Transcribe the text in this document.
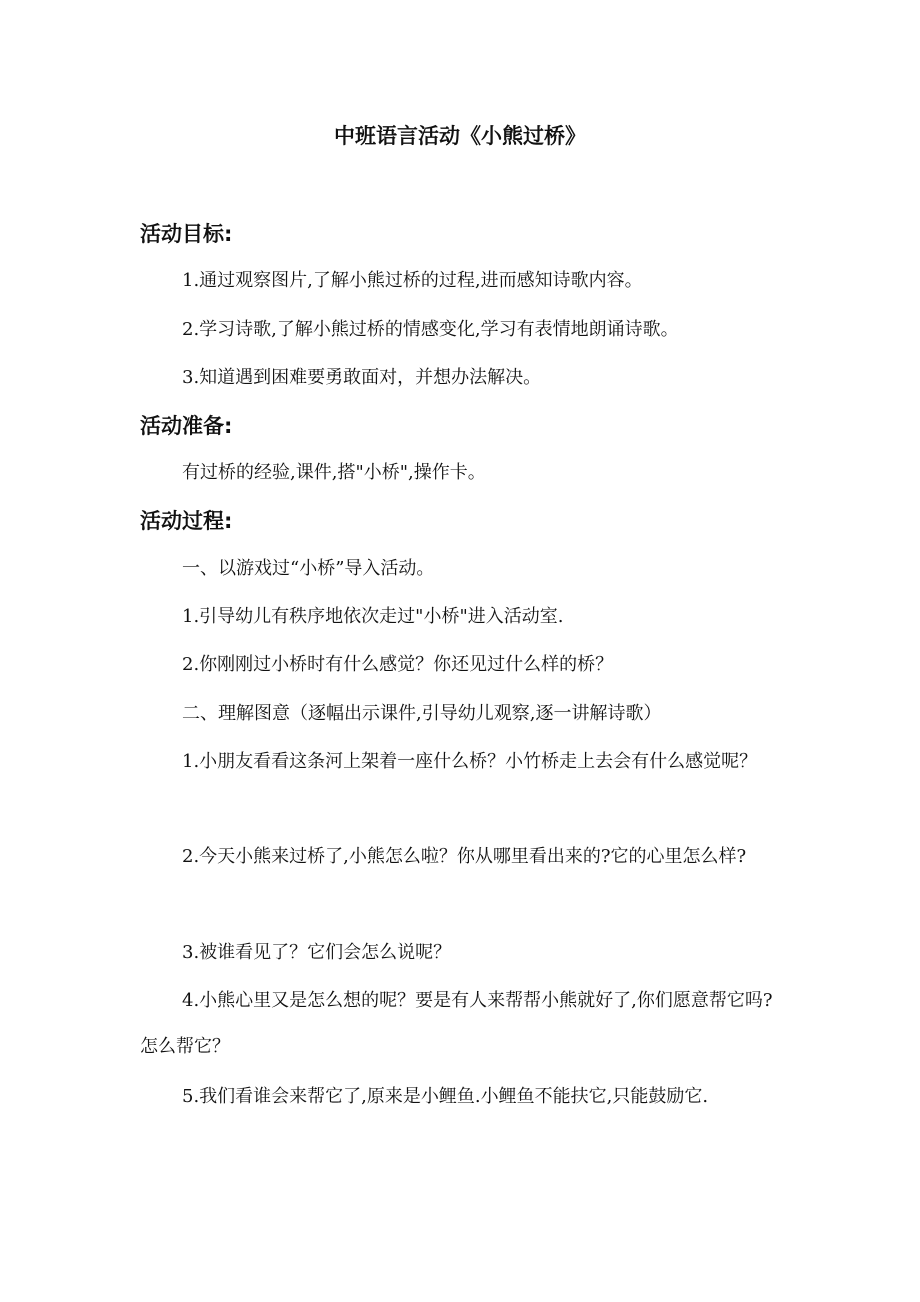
中班语言活动《小熊过桥》
活动目标:
1.通过观察图片,了解小熊过桥的过程,进而感知诗歌内容。
2.学习诗歌,了解小熊过桥的情感变化,学习有表情地朗诵诗歌。
3.知道遇到困难要勇敢面对，并想办法解决。
活动准备:
有过桥的经验,课件,搭"小桥",操作卡。
活动过程:
一、以游戏过“小桥”导入活动。
1.引导幼儿有秩序地依次走过"小桥"进入活动室.
2.你刚刚过小桥时有什么感觉？你还见过什么样的桥？
二、理解图意（逐幅出示课件,引导幼儿观察,逐一讲解诗歌）
1.小朋友看看这条河上架着一座什么桥？小竹桥走上去会有什么感觉呢？
2.今天小熊来过桥了,小熊怎么啦？你从哪里看出来的?它的心里怎么样?
3.被谁看见了？它们会怎么说呢？
4.小熊心里又是怎么想的呢？要是有人来帮帮小熊就好了,你们愿意帮它吗?怎么帮它？
5.我们看谁会来帮它了,原来是小鲤鱼.小鲤鱼不能扶它,只能鼓励它.
